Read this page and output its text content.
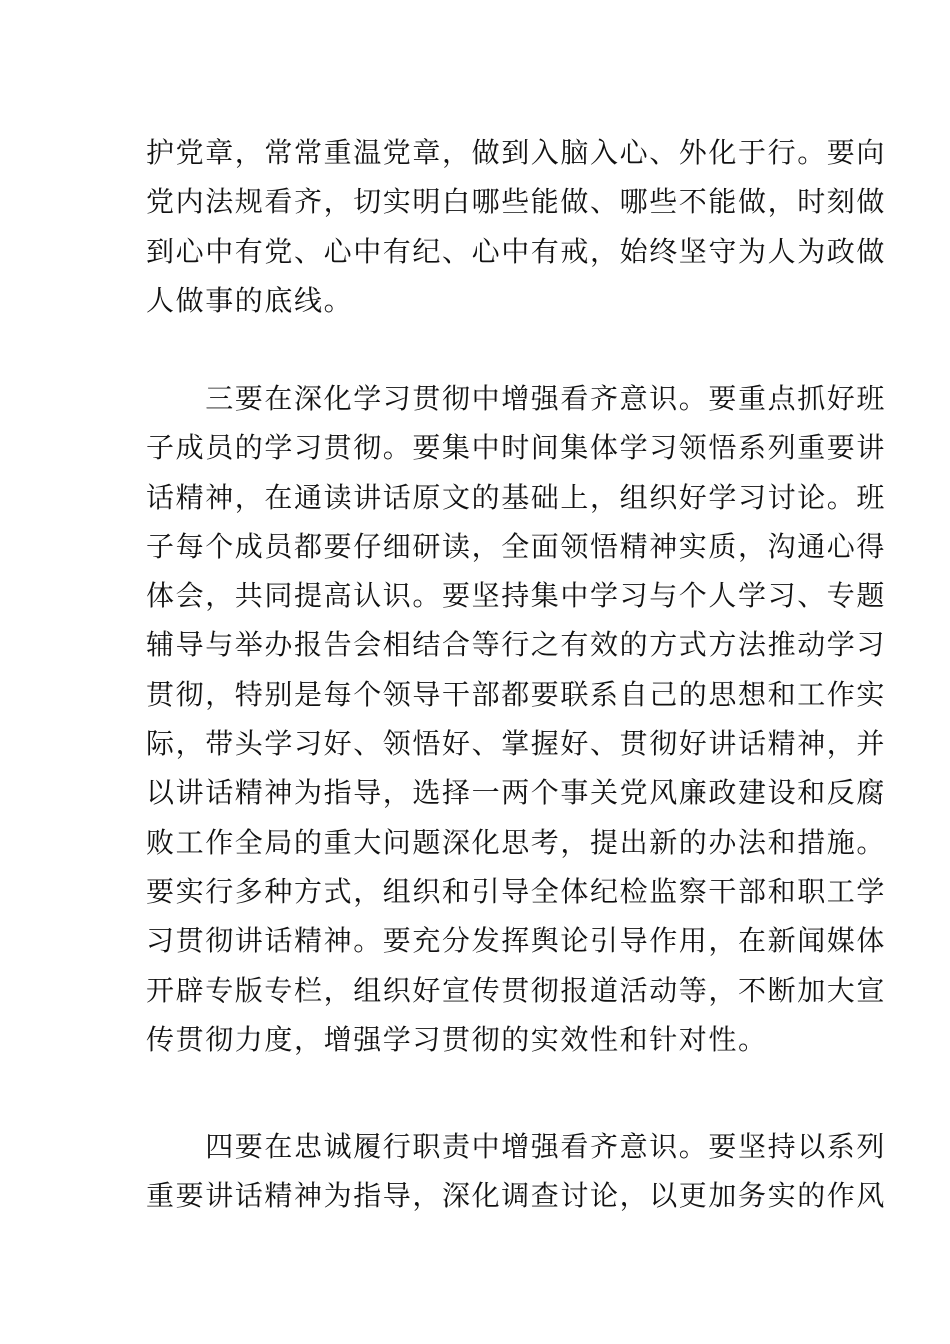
护党章，常常重温党章，做到入脑入心、外化于行。要向
党内法规看齐，切实明白哪些能做、哪些不能做，时刻做
到心中有党、心中有纪、心中有戒，始终坚守为人为政做
人做事的底线。
　　三要在深化学习贯彻中增强看齐意识。要重点抓好班
子成员的学习贯彻。要集中时间集体学习领悟系列重要讲
话精神，在通读讲话原文的基础上，组织好学习讨论。班
子每个成员都要仔细研读，全面领悟精神实质，沟通心得
体会，共同提高认识。要坚持集中学习与个人学习、专题
辅导与举办报告会相结合等行之有效的方式方法推动学习
贯彻，特别是每个领导干部都要联系自己的思想和工作实
际，带头学习好、领悟好、掌握好、贯彻好讲话精神，并
以讲话精神为指导，选择一两个事关党风廉政建设和反腐
败工作全局的重大问题深化思考，提出新的办法和措施。
要实行多种方式，组织和引导全体纪检监察干部和职工学
习贯彻讲话精神。要充分发挥舆论引导作用，在新闻媒体
开辟专版专栏，组织好宣传贯彻报道活动等，不断加大宣
传贯彻力度，增强学习贯彻的实效性和针对性。
　　四要在忠诚履行职责中增强看齐意识。要坚持以系列
重要讲话精神为指导，深化调查讨论，以更加务实的作风
